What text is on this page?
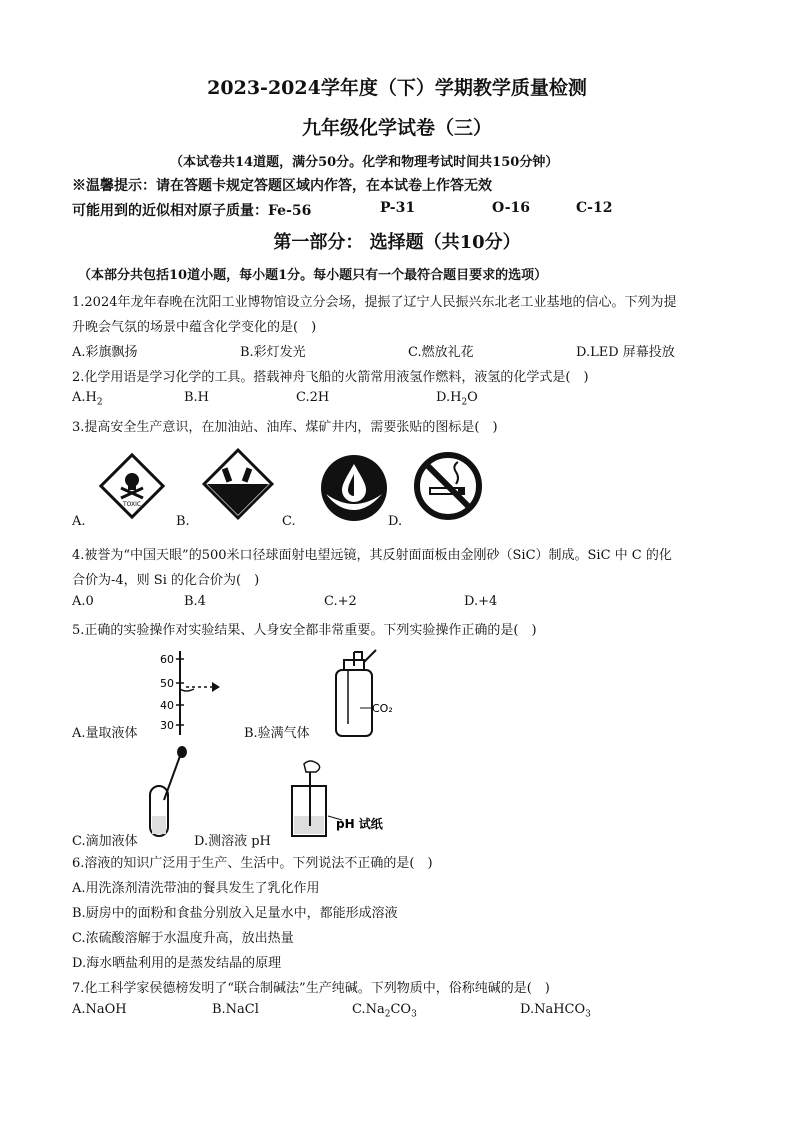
2023-2024学年度（下）学期教学质量检测
九年级化学试卷（三）
（本试卷共14道题，满分50分。化学和物理考试时间共150分钟）
※温馨提示：请在答题卡规定答题区域内作答，在本试卷上作答无效
可能用到的近似相对原子质量：Fe-56	P-31	O-16	C-12
第一部分： 选择题（共10分）
（本部分共包括10道小题，每小题1分。每小题只有一个最符合题目要求的选项）
1.2024年龙年春晚在沈阳工业博物馆设立分会场，提振了辽宁人民振兴东北老工业基地的信心。下列为提
升晚会气氛的场景中蕴含化学变化的是(　)
A.彩旗飘扬	B.彩灯发光	C.燃放礼花	D.LED 屏幕投放
2.化学用语是学习化学的工具。搭载神舟飞船的火箭常用液氢作燃料，液氢的化学式是(　)
$A.H_2$	B.H	C.2H	$D.H_2O$
3.提高安全生产意识，在加油站、油库、煤矿井内，需要张贴的图标是(　)
TOXIC
A.	B.	C.	D.
4.被誉为“中国天眼”的500米口径球面射电望远镜，其反射面面板由金刚砂（SiC）制成。SiC 中 C 的化
合价为-4，则 Si 的化合价为(　)
A.0	B.4	C.+2	D.+4
5.正确的实验操作对实验结果、人身安全都非常重要。下列实验操作正确的是(　)
60
50
40
30
CO₂
A.量取液体	B.验满气体
pH 试纸
C.滴加液体	D.测溶液 pH
6.溶液的知识广泛用于生产、生活中。下列说法不正确的是(　)
A.用洗涤剂清洗带油的餐具发生了乳化作用
B.厨房中的面粉和食盐分别放入足量水中，都能形成溶液
C.浓硫酸溶解于水温度升高，放出热量
D.海水晒盐利用的是蒸发结晶的原理
7.化工科学家侯德榜发明了“联合制碱法”生产纯碱。下列物质中，俗称纯碱的是(　)
A.NaOH	B.NaCl	$C.Na_2CO_3$	D.NaHCO$_3$
